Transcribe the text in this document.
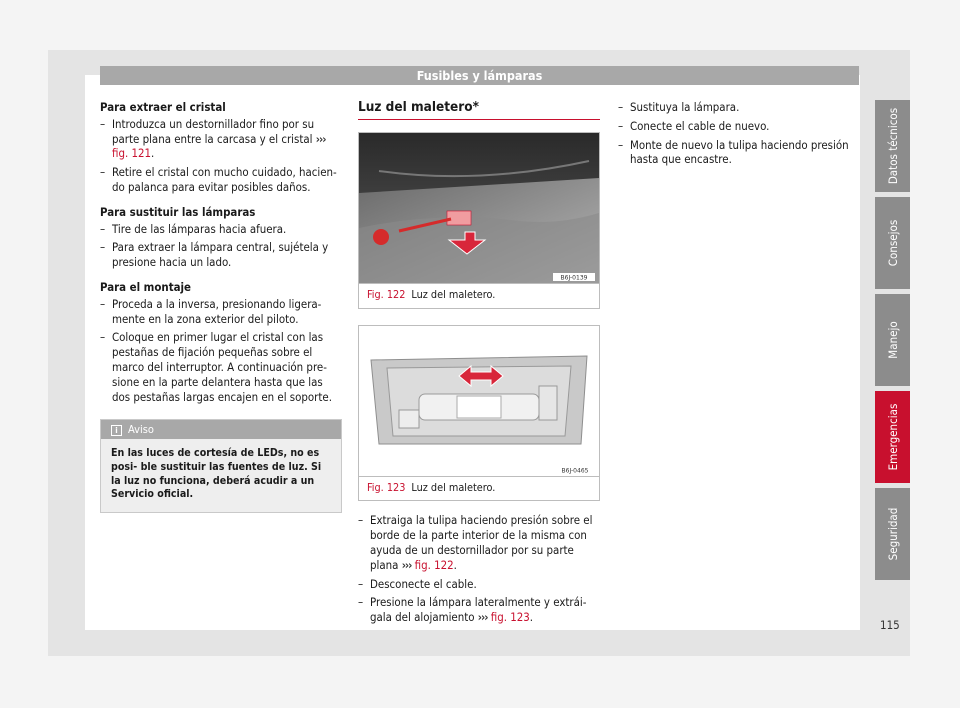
Fusibles y lámparas
Para extraer el cristal
– Introduzca un destornillador fino por su parte plana entre la carcasa y el cristal ››› fig. 121.
– Retire el cristal con mucho cuidado, hacien- do palanca para evitar posibles daños.
Para sustituir las lámparas
– Tire de las lámparas hacia afuera.
– Para extraer la lámpara central, sujétela y presione hacia un lado.
Para el montaje
– Proceda a la inversa, presionando ligera- mente en la zona exterior del piloto.
– Coloque en primer lugar el cristal con las pestañas de fijación pequeñas sobre el marco del interruptor. A continuación pre- sione en la parte delantera hasta que las dos pestañas largas encajen en el soporte.
i Aviso
En las luces de cortesía de LEDs, no es posi- ble sustituir las fuentes de luz. Si la luz no funciona, deberá acudir a un Servicio oficial.
Luz del maletero*
B6J-0139
Fig. 122 Luz del maletero.
B6J-0465
Fig. 123 Luz del maletero.
– Extraiga la tulipa haciendo presión sobre el borde de la parte interior de la misma con ayuda de un destornillador por su parte plana ››› fig. 122.
– Desconecte el cable.
– Presione la lámpara lateralmente y extrái- gala del alojamiento ››› fig. 123.
– Sustituya la lámpara.
– Conecte el cable de nuevo.
– Monte de nuevo la tulipa haciendo presión hasta que encastre.	Datos técnicos
Consejos
Manejo
Emergencias
Seguridad
115
